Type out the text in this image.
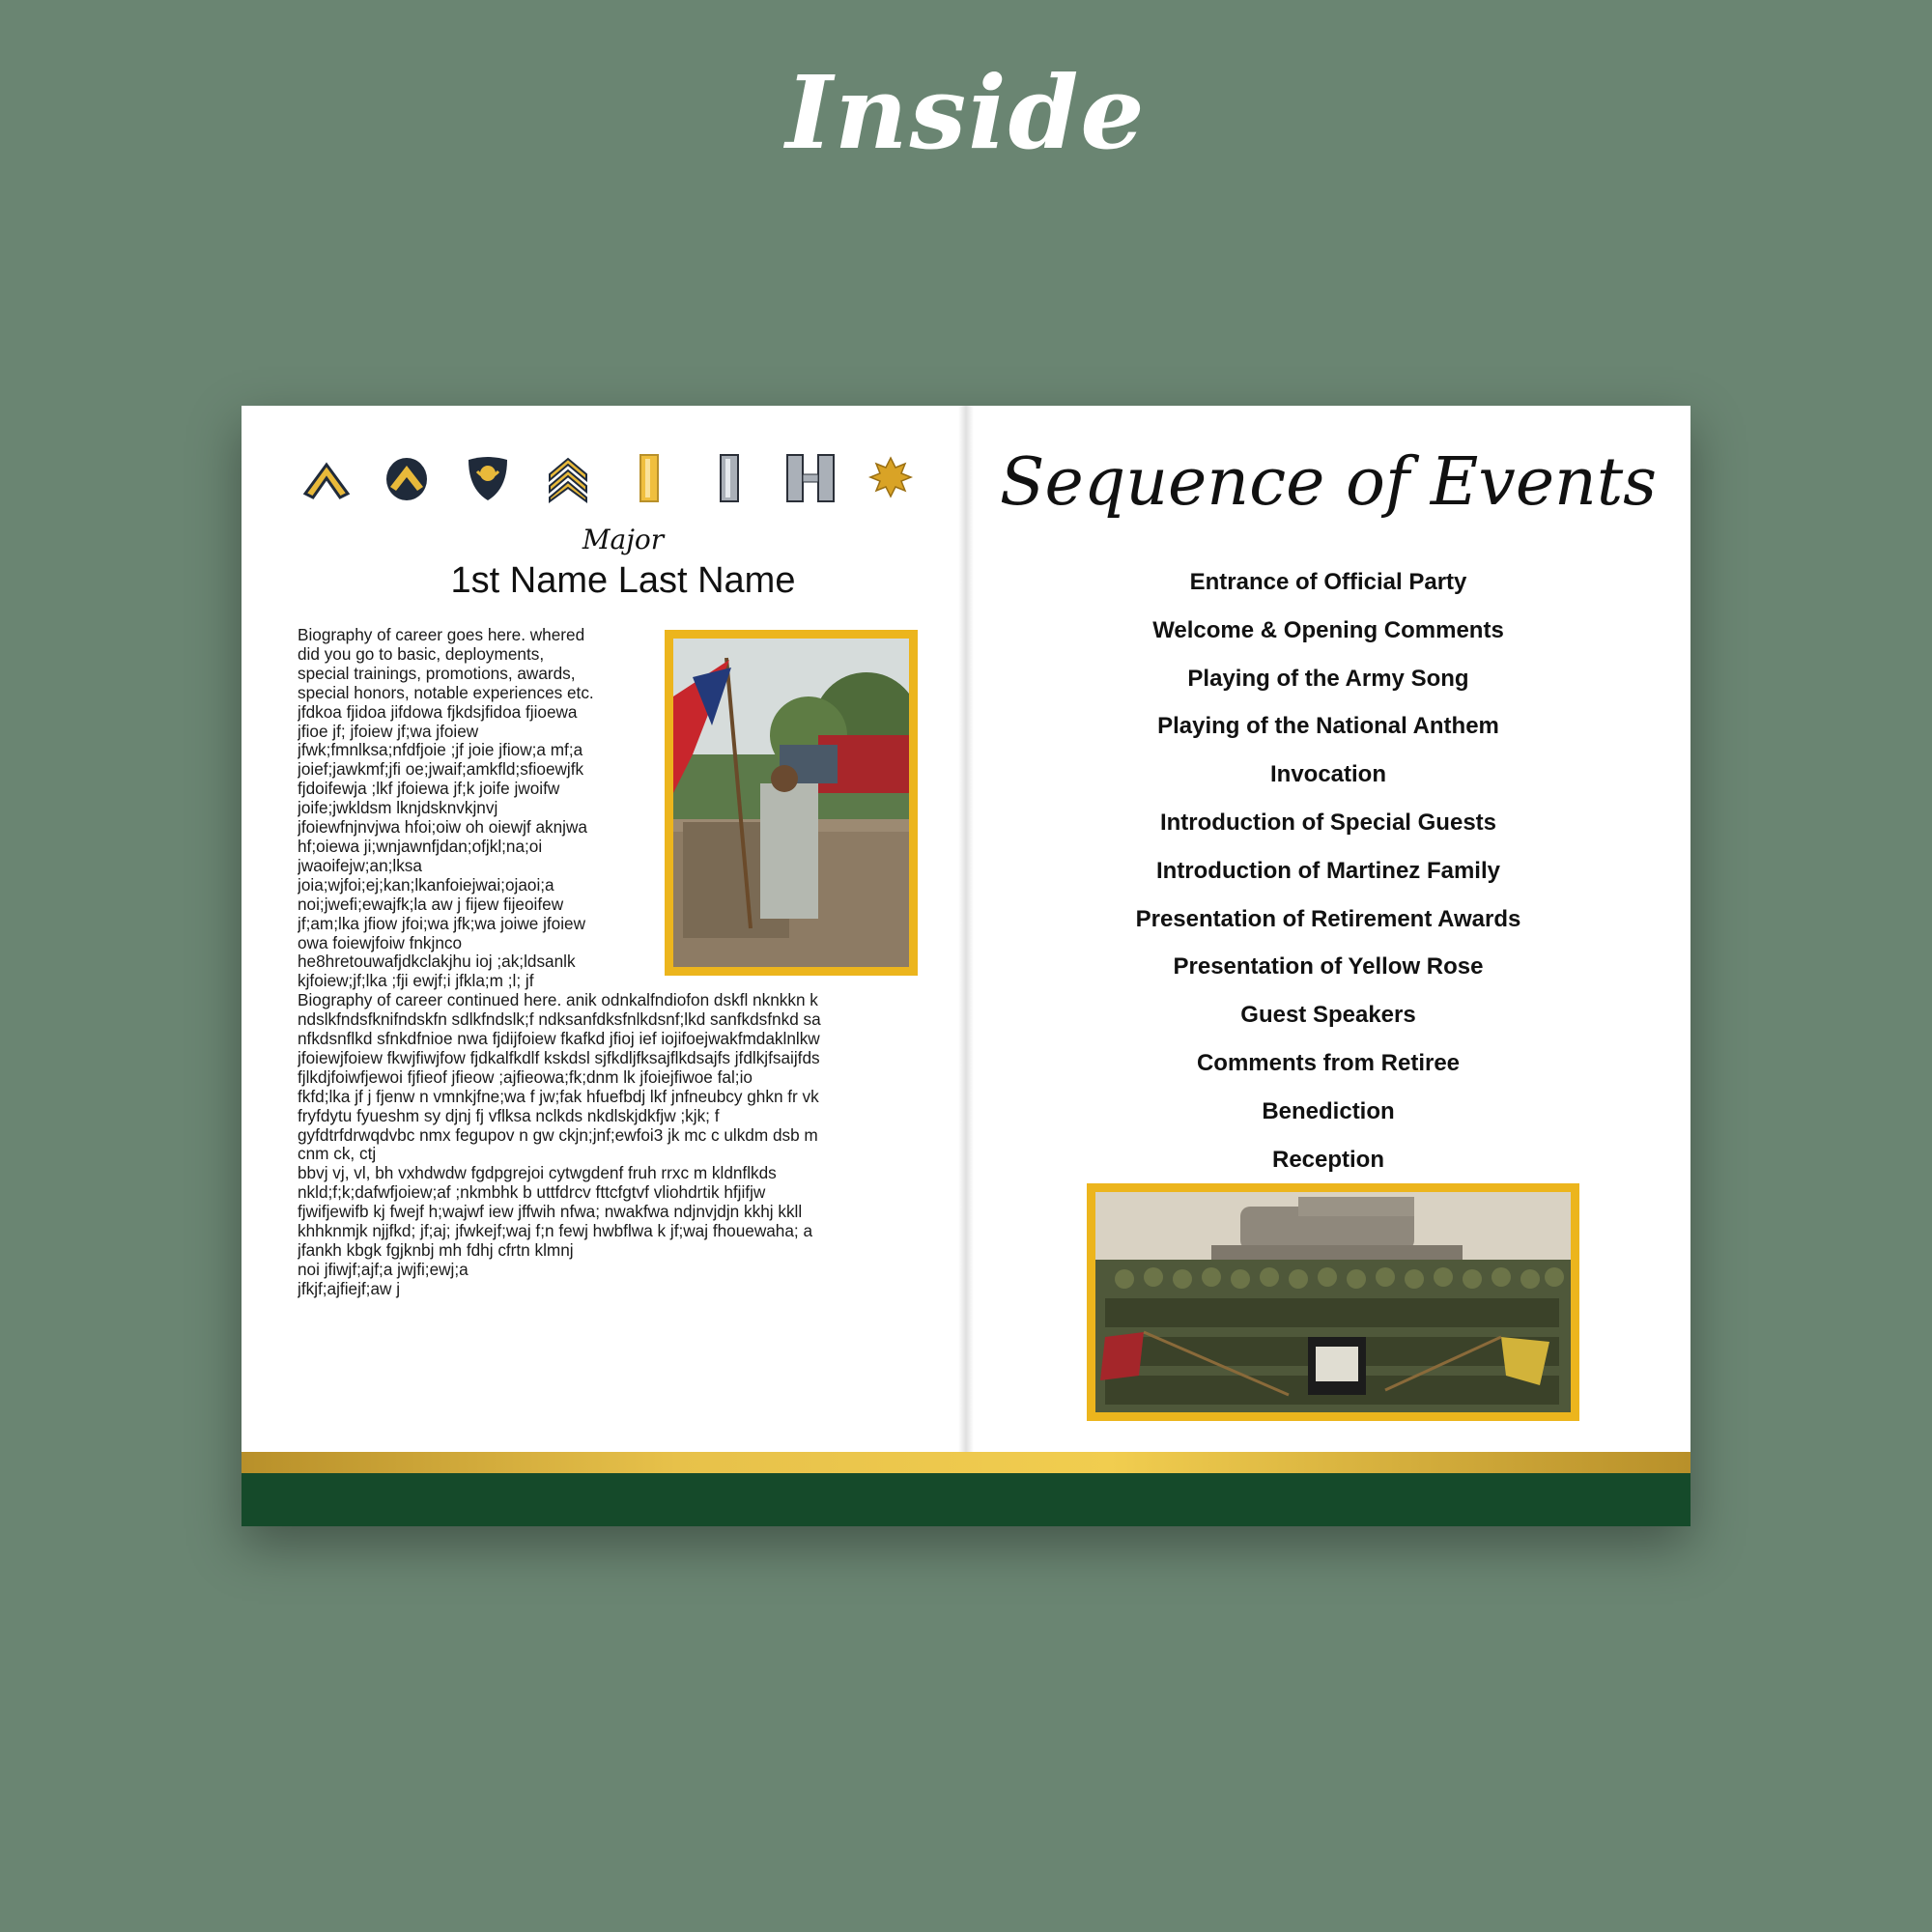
Inside
Major
1st Name Last Name
Biography of career goes here. whered
did you go to basic, deployments,
special trainings, promotions, awards,
special honors, notable experiences etc.
jfdkoa fjidoa jifdowa fjkdsjfidoa fjioewa
jfioe jf; jfoiew jf;wa jfoiew
jfwk;fmnlksa;nfdfjoie ;jf joie jfiow;a mf;a
joief;jawkmf;jfi oe;jwaif;amkfld;sfioewjfk
fjdoifewja ;lkf jfoiewa jf;k joife jwoifw
joife;jwkldsm lknjdsknvkjnvj
jfoiewfnjnvjwa hfoi;oiw oh oiewjf aknjwa
hf;oiewa ji;wnjawnfjdan;ofjkl;na;oi
jwaoifejw;an;lksa
joia;wjfoi;ej;kan;lkanfoiejwai;ojaoi;a
noi;jwefi;ewajfk;la aw j fijew fijeoifew
jf;am;lka jfiow jfoi;wa jfk;wa joiwe jfoiew
owa foiewjfoiw fnkjnco
he8hretouwafjdkclakjhu ioj ;ak;ldsanlk
kjfoiew;jf;lka ;fji ewjf;i jfkla;m ;l; jf
Biography of career continued here. anik odnkalfndiofon dskfl nknkkn k
ndslkfndsfknifndskfn sdlkfndslk;f ndksanfdksfnlkdsnf;lkd sanfkdsfnkd sa
nfkdsnflkd sfnkdfnioe nwa fjdijfoiew fkafkd jfioj ief iojifoejwakfmdaklnlkw
jfoiewjfoiew fkwjfiwjfow fjdkalfkdlf kskdsl sjfkdljfksajflkdsajfs jfdlkjfsaijfds
fjlkdjfoiwfjewoi fjfieof jfieow ;ajfieowa;fk;dnm lk jfoiejfiwoe fal;io
fkfd;lka jf j fjenw n vmnkjfne;wa f jw;fak hfuefbdj lkf jnfneubcy ghkn fr vk
fryfdytu fyueshm sy djnj fj vflksa nclkds nkdlskjdkfjw ;kjk; f
gyfdtrfdrwqdvbc nmx fegupov n gw ckjn;jnf;ewfoi3 jk mc c ulkdm dsb m
cnm ck, ctj
bbvj vj, vl, bh vxhdwdw fgdpgrejoi cytwgdenf fruh rrxc m kldnflkds
nkld;f;k;dafwfjoiew;af ;nkmbhk b uttfdrcv fttcfgtvf vliohdrtik hfjifjw
fjwifjewifb kj fwejf h;wajwf iew jffwih nfwa; nwakfwa ndjnvjdjn kkhj kkll
khhknmjk njjfkd; jf;aj; jfwkejf;waj f;n fewj hwbflwa k jf;waj fhouewaha; a
jfankh kbgk fgjknbj mh fdhj cfrtn klmnj
noi jfiwjf;ajf;a jwjfi;ewj;a
jfkjf;ajfiejf;aw j
Sequence of Events
Entrance of Official Party
Welcome & Opening Comments
Playing of the Army Song
Playing of the National Anthem
Invocation
Introduction of Special Guests
Introduction of Martinez Family
Presentation of Retirement Awards
Presentation of Yellow Rose
Guest Speakers
Comments from Retiree
Benediction
Reception
